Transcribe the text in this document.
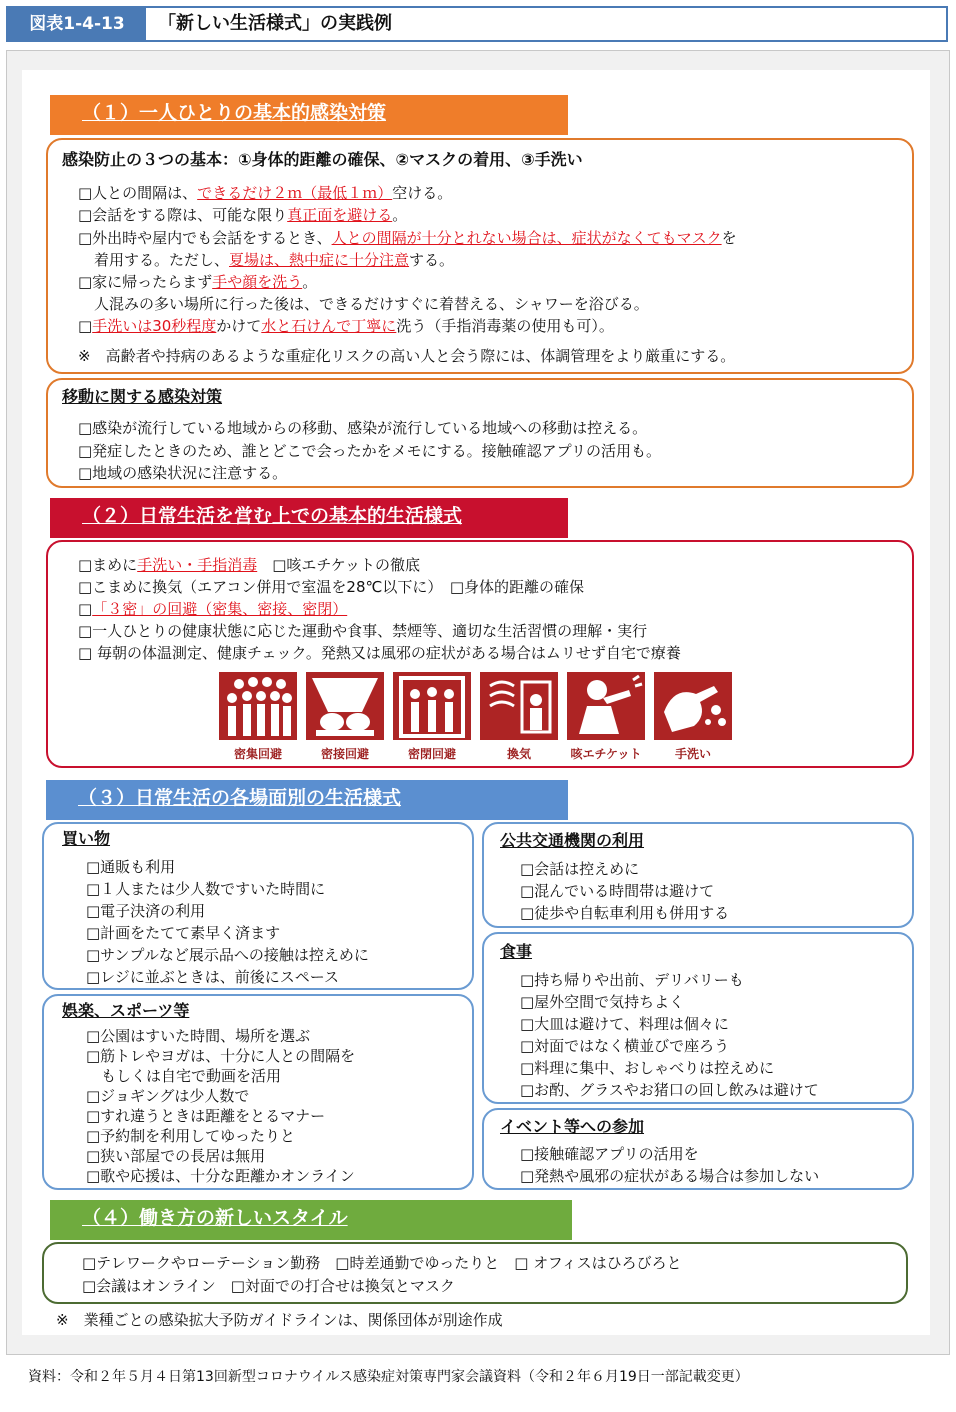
図表1-4-13	「新しい生活様式」の実践例
（１）一人ひとりの基本的感染対策
感染防止の３つの基本：①身体的距離の確保、②マスクの着用、③手洗い
□人との間隔は、できるだけ２ｍ（最低１ｍ）空ける。
□会話をする際は、可能な限り真正面を避ける。
□外出時や屋内でも会話をするとき、人との間隔が十分とれない場合は、症状がなくてもマスクを
着用する。ただし、夏場は、熱中症に十分注意する。
□家に帰ったらまず手や顔を洗う。
人混みの多い場所に行った後は、できるだけすぐに着替える、シャワーを浴びる。
□手洗いは30秒程度かけて水と石けんで丁寧に洗う（手指消毒薬の使用も可）。
※　高齢者や持病のあるような重症化リスクの高い人と会う際には、体調管理をより厳重にする。
移動に関する感染対策
□感染が流行している地域からの移動、感染が流行している地域への移動は控える。
□発症したときのため、誰とどこで会ったかをメモにする。接触確認アプリの活用も。
□地域の感染状況に注意する。
（２）日常生活を営む上での基本的生活様式
□まめに手洗い・手指消毒　□咳エチケットの徹底
□こまめに換気（エアコン併用で室温を28℃以下に）　□身体的距離の確保
□「３密」の回避（密集、密接、密閉）
□一人ひとりの健康状態に応じた運動や食事、禁煙等、適切な生活習慣の理解・実行
□ 毎朝の体温測定、健康チェック。発熱又は風邪の症状がある場合はムリせず自宅で療養
密集回避	密接回避	密閉回避	換気	咳エチケット	手洗い
（３）日常生活の各場面別の生活様式
買い物
□通販も利用
□１人または少人数ですいた時間に
□電子決済の利用
□計画をたてて素早く済ます
□サンプルなど展示品への接触は控えめに
□レジに並ぶときは、前後にスペース
娯楽、スポーツ等
□公園はすいた時間、場所を選ぶ
□筋トレやヨガは、十分に人との間隔を
　もしくは自宅で動画を活用
□ジョギングは少人数で
□すれ違うときは距離をとるマナー
□予約制を利用してゆったりと
□狭い部屋での長居は無用
□歌や応援は、十分な距離かオンライン
公共交通機関の利用
□会話は控えめに
□混んでいる時間帯は避けて
□徒歩や自転車利用も併用する
食事
□持ち帰りや出前、デリバリーも
□屋外空間で気持ちよく
□大皿は避けて、料理は個々に
□対面ではなく横並びで座ろう
□料理に集中、おしゃべりは控えめに
□お酌、グラスやお猪口の回し飲みは避けて
イベント等への参加
□接触確認アプリの活用を
□発熱や風邪の症状がある場合は参加しない
（４）働き方の新しいスタイル
□テレワークやローテーション勤務　□時差通勤でゆったりと　□ オフィスはひろびろと
□会議はオンライン　□対面での打合せは換気とマスク
※　業種ごとの感染拡大予防ガイドラインは、関係団体が別途作成
資料：令和２年５月４日第13回新型コロナウイルス感染症対策専門家会議資料（令和２年６月19日一部記載変更）
